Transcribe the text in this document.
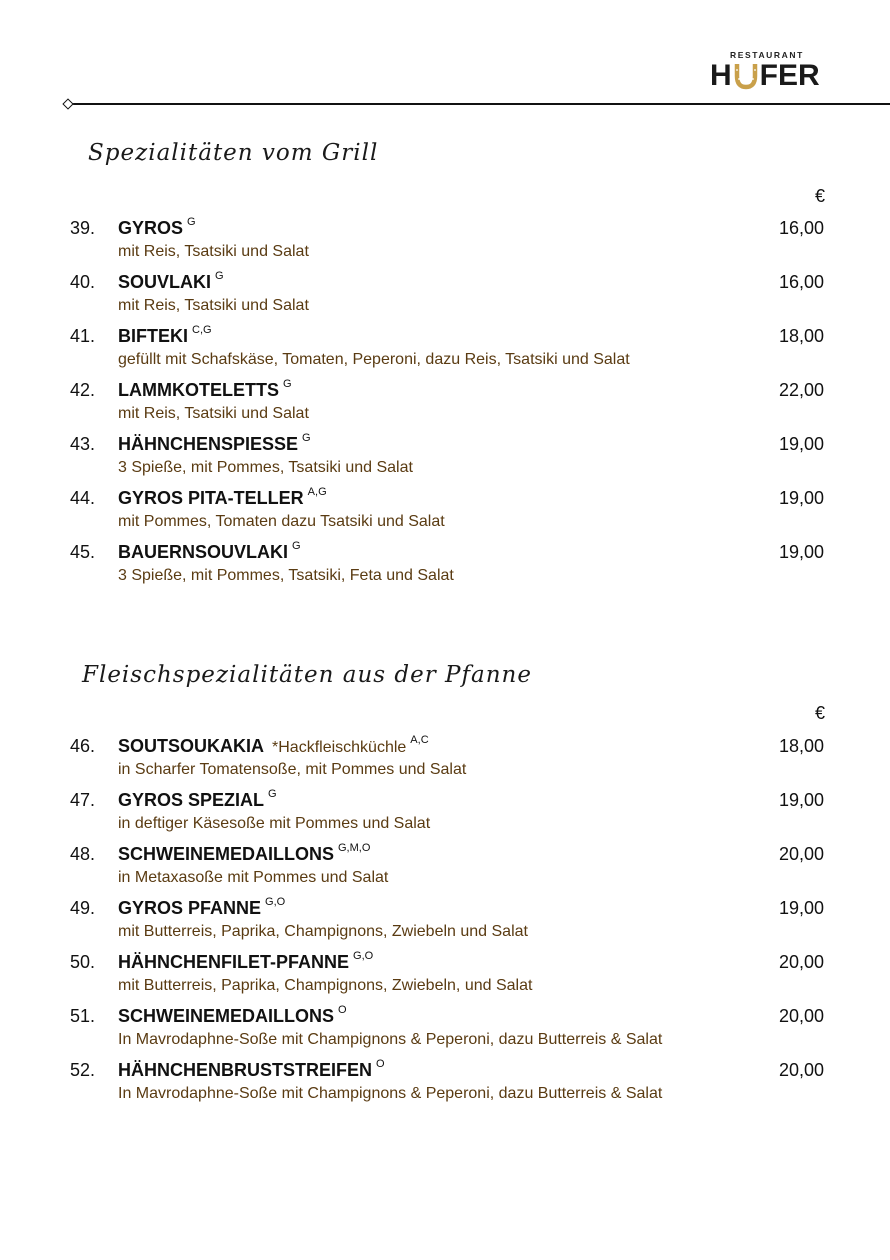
RESTAURANT
H FER
Spezialitäten vom Grill
€
39. GYROS $^G$
mit Reis, Tsatsiki und Salat
16,00
40. SOUVLAKI $^G$
mit Reis, Tsatsiki und Salat
16,00
41. BIFTEKI $^{C,G}$
gefüllt mit Schafskäse, Tomaten, Peperoni, dazu Reis, Tsatsiki und Salat
18,00
42. LAMMKOTELETTS $^G$
mit Reis, Tsatsiki und Salat
22,00
43. HÄHNCHENSPIESSE $^G$
3 Spieße, mit Pommes, Tsatsiki und Salat
19,00
44. GYROS PITA-TELLER $^{A,G}$
mit Pommes, Tomaten dazu Tsatsiki und Salat
19,00
45. BAUERNSOUVLAKI $^G$
3 Spieße, mit Pommes, Tsatsiki, Feta und Salat
19,00
Fleischspezialitäten aus der Pfanne
€
46. SOUTSOUKAKIA *Hackfleischküchle $^{A,C}$
in Scharfer Tomatensoße, mit Pommes und Salat
18,00
47. GYROS SPEZIAL $^G$
in deftiger Käsesoße mit Pommes und Salat
19,00
48. SCHWEINEMEDAILLONS $^{G,M,O}$
in Metaxasoße mit Pommes und Salat
20,00
49. GYROS PFANNE $^{G,O}$
mit Butterreis, Paprika, Champignons, Zwiebeln und Salat
19,00
50. HÄHNCHENFILET-PFANNE $^{G,O}$
mit Butterreis, Paprika, Champignons, Zwiebeln, und Salat
20,00
51. SCHWEINEMEDAILLONS $^O$
In Mavrodaphne-Soße mit Champignons & Peperoni, dazu Butterreis & Salat
20,00
52. HÄHNCHENBRUSTSTREIFEN $^O$
In Mavrodaphne-Soße mit Champignons & Peperoni, dazu Butterreis & Salat
20,00
